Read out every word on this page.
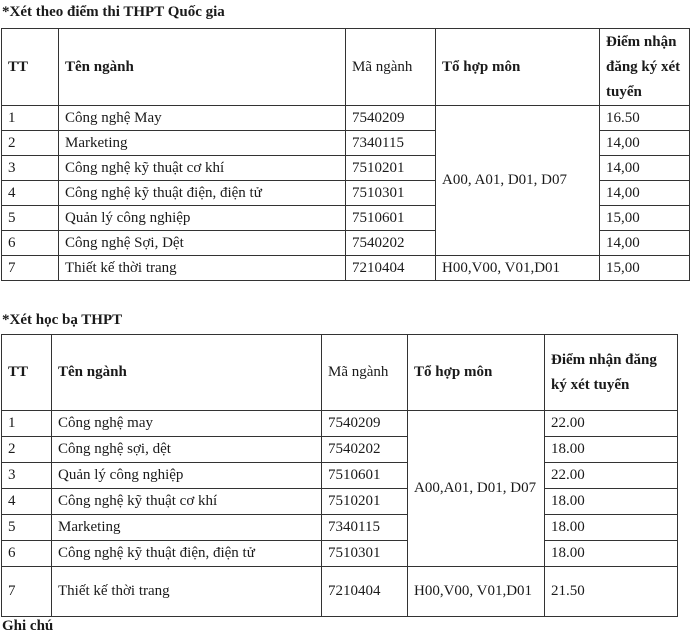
*Xét theo điểm thi THPT Quốc gia
TT	Tên ngành	Mã ngành	Tổ hợp môn	Điểm nhận đăng ký xét tuyển
1	Công nghệ May	7540209	A00, A01, D01, D07	16.50
2	Marketing	7340115		14,00
3	Công nghệ kỹ thuật cơ khí	7510201		14,00
4	Công nghệ kỹ thuật điện, điện tử	7510301		14,00
5	Quản lý công nghiệp	7510601		15,00
6	Công nghệ Sợi, Dệt	7540202		14,00
7	Thiết kế thời trang	7210404	H00,V00, V01,D01	15,00
*Xét học bạ THPT
TT	Tên ngành	Mã ngành	Tổ hợp môn	Điểm nhận đăng ký xét tuyển
1	Công nghệ may	7540209	A00,A01, D01, D07	22.00
2	Công nghệ sợi, dệt	7540202		18.00
3	Quản lý công nghiệp	7510601		22.00
4	Công nghệ kỹ thuật cơ khí	7510201		18.00
5	Marketing	7340115		18.00
6	Công nghệ kỹ thuật điện, điện tử	7510301		18.00
7	Thiết kế thời trang	7210404	H00,V00, V01,D01	21.50
Ghi chú
